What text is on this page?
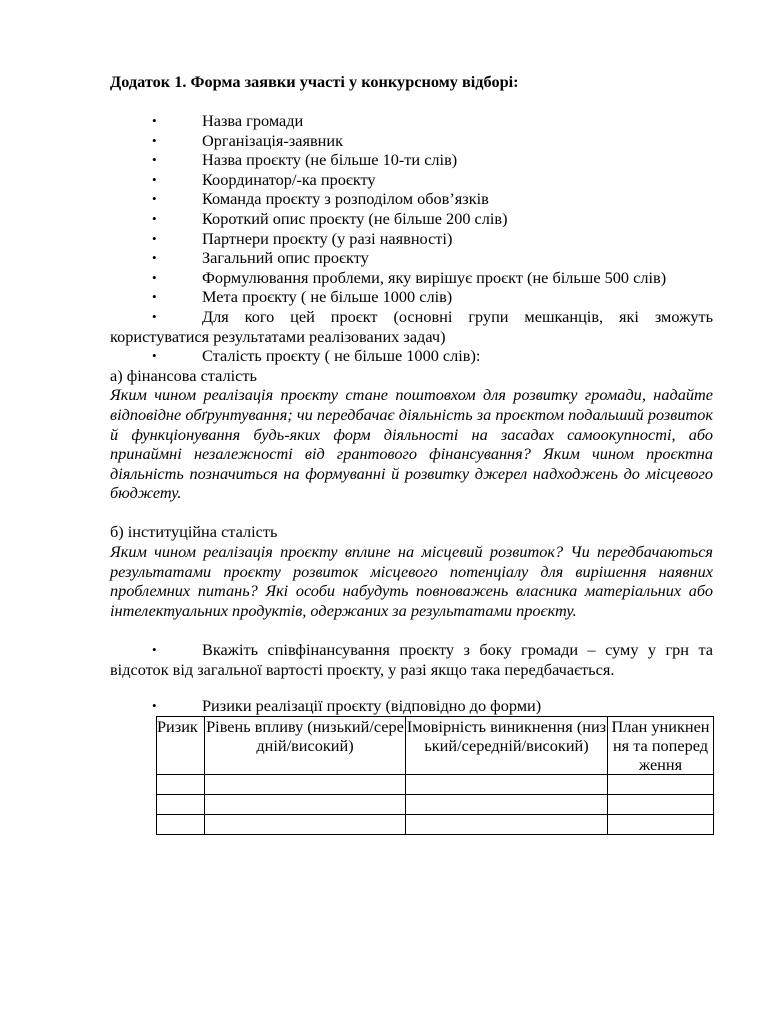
Додаток 1. Форма заявки участі у конкурсному відборі:

•	Назва громади
•	Організація-заявник
•	Назва проєкту (не більше 10-ти слів)
•	Координатор/-ка проєкту
•	Команда проєкту з розподілом обов’язків
•	Короткий опис проєкту (не більше 200 слів)
•	Партнери проєкту (у разі наявності)
•	Загальний опис проєкту
•	Формулювання проблеми, яку вирішує проєкт (не більше 500 слів)
•	Мета проєкту ( не більше 1000 слів)
•	Для кого цей проєкт (основні групи мешканців, які зможуть користуватися результатами реалізованих задач)
•	Сталість проєкту ( не більше 1000 слів):
а) фінансова сталість
Яким чином реалізація проєкту стане поштовхом для розвитку громади, надайте відповідне обґрунтування; чи передбачає діяльність за проєктом подальший розвиток й функціонування будь-яких форм діяльності на засадах самоокупності, або принаймні незалежності від грантового фінансування? Яким чином проєктна діяльність позначиться на формуванні й розвитку джерел надходжень до місцевого бюджету.
б) інституційна сталість
Яким чином реалізація проєкту вплине на місцевий розвиток? Чи передбачаються результатами проєкту розвиток місцевого потенціалу для вирішення наявних проблемних питань? Які особи набудуть повноважень власника матеріальних або інтелектуальних продуктів, одержаних за результатами проєкту.
•	Вкажіть співфінансування проєкту з боку громади – суму у грн та відсоток від загальної вартості проєкту, у разі якщо така передбачається.
•	Ризики реалізації проєкту (відповідно до форми)
Ризик	Рівень впливу (низький/середній/високий)	Імовірність виникнення (низький/середній/високий)	План уникнення та попередження
